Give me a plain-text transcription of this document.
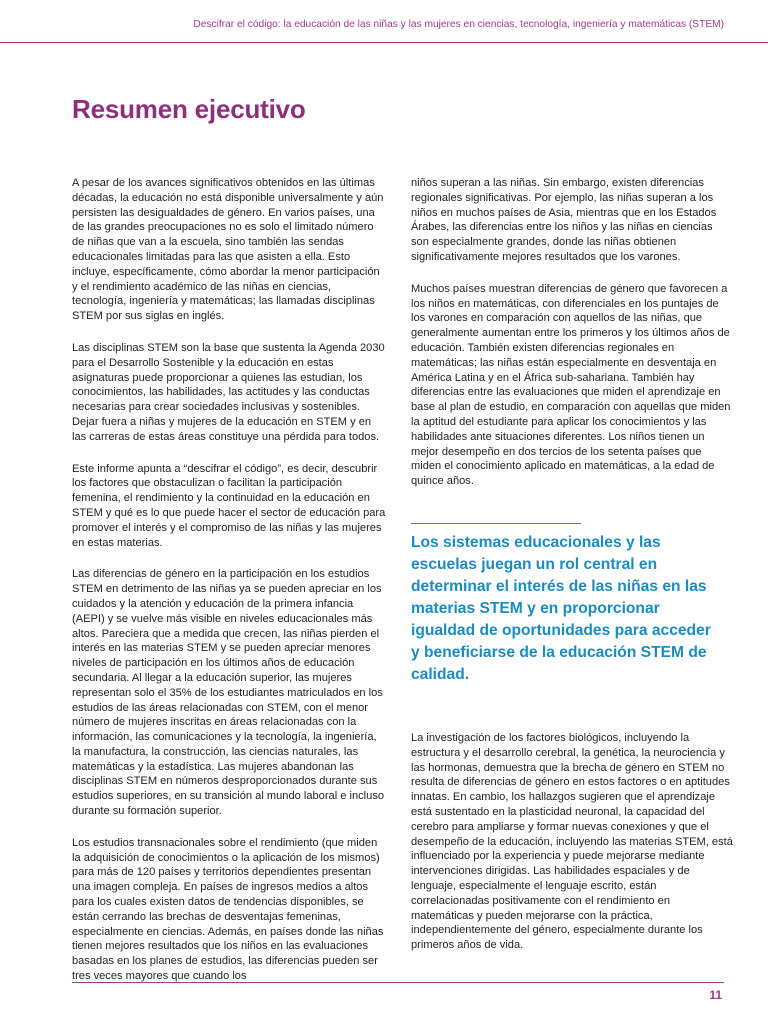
Descifrar el código: la educación de las niñas y las mujeres en ciencias, tecnología, ingeniería y matemáticas (STEM)
Resumen ejecutivo

A pesar de los avances significativos obtenidos en las últimas décadas, la educación no está disponible universalmente y aún persisten las desigualdades de género. En varios países, una de las grandes preocupaciones no es solo el limitado número de niñas que van a la escuela, sino también las sendas educacionales limitadas para las que asisten a ella. Esto incluye, específicamente, cómo abordar la menor participación y el rendimiento académico de las niñas en ciencias, tecnología, ingeniería y matemáticas; las llamadas disciplinas STEM por sus siglas en inglés.

Las disciplinas STEM son la base que sustenta la Agenda 2030 para el Desarrollo Sostenible y la educación en estas asignaturas puede proporcionar a quienes las estudian, los conocimientos, las habilidades, las actitudes y las conductas necesarias para crear sociedades inclusivas y sostenibles. Dejar fuera a niñas y mujeres de la educación en STEM y en las carreras de estas áreas constituye una pérdida para todos.

Este informe apunta a “descifrar el código”, es decir, descubrir los factores que obstaculizan o facilitan la participación femenina, el rendimiento y la continuidad en la educación en STEM y qué es lo que puede hacer el sector de educación para promover el interés y el compromiso de las niñas y las mujeres en estas materias.

Las diferencias de género en la participación en los estudios STEM en detrimento de las niñas ya se pueden apreciar en los cuidados y la atención y educación de la primera infancia (AEPI) y se vuelve más visible en niveles educacionales más altos. Pareciera que a medida que crecen, las niñas pierden el interés en las materias STEM y se pueden apreciar menores niveles de participación en los últimos años de educación secundaria. Al llegar a la educación superior, las mujeres representan solo el 35% de los estudiantes matriculados en los estudios de las áreas relacionadas con STEM, con el menor número de mujeres inscritas en áreas relacionadas con la información, las comunicaciones y la tecnología, la ingeniería, la manufactura, la construcción, las ciencias naturales, las matemáticas y la estadística. Las mujeres abandonan las disciplinas STEM en números desproporcionados durante sus estudios superiores, en su transición al mundo laboral e incluso durante su formación superior.

Los estudios transnacionales sobre el rendimiento (que miden la adquisición de conocimientos o la aplicación de los mismos) para más de 120 países y territorios dependientes presentan una imagen compleja. En países de ingresos medios a altos para los cuales existen datos de tendencias disponibles, se están cerrando las brechas de desventajas femeninas, especialmente en ciencias. Además, en países donde las niñas tienen mejores resultados que los niños en las evaluaciones basadas en los planes de estudios, las diferencias pueden ser tres veces mayores que cuando los

niños superan a las niñas. Sin embargo, existen diferencias regionales significativas. Por ejemplo, las niñas superan a los niños en muchos países de Asia, mientras que en los Estados Árabes, las diferencias entre los niños y las niñas en ciencias son especialmente grandes, donde las niñas obtienen significativamente mejores resultados que los varones.

Muchos países muestran diferencias de género que favorecen a los niños en matemáticas, con diferenciales en los puntajes de los varones en comparación con aquellos de las niñas, que generalmente aumentan entre los primeros y los últimos años de educación. También existen diferencias regionales en matemáticas; las niñas están especialmente en desventaja en América Latina y en el África sub-sahariana. También hay diferencias entre las evaluaciones que miden el aprendizaje en base al plan de estudio, en comparación con aquellas que miden la aptitud del estudiante para aplicar los conocimientos y las habilidades ante situaciones diferentes. Los niños tienen un mejor desempeño en dos tercios de los setenta países que miden el conocimiento aplicado en matemáticas, a la edad de quince años.

Los sistemas educacionales y las escuelas juegan un rol central en determinar el interés de las niñas en las materias STEM y en proporcionar igualdad de oportunidades para acceder y beneficiarse de la educación STEM de calidad.

La investigación de los factores biológicos, incluyendo la estructura y el desarrollo cerebral, la genética, la neurociencia y las hormonas, demuestra que la brecha de género en STEM no resulta de diferencias de género en estos factores o en aptitudes innatas. En cambio, los hallazgos sugieren que el aprendizaje está sustentado en la plasticidad neuronal, la capacidad del cerebro para ampliarse y formar nuevas conexiones y que el desempeño de la educación, incluyendo las materias STEM, está influenciado por la experiencia y puede mejorarse mediante intervenciones dirigidas. Las habilidades espaciales y de lenguaje, especialmente el lenguaje escrito, están correlacionadas positivamente con el rendimiento en matemáticas y pueden mejorarse con la práctica, independientemente del género, especialmente durante los primeros años de vida.

11
